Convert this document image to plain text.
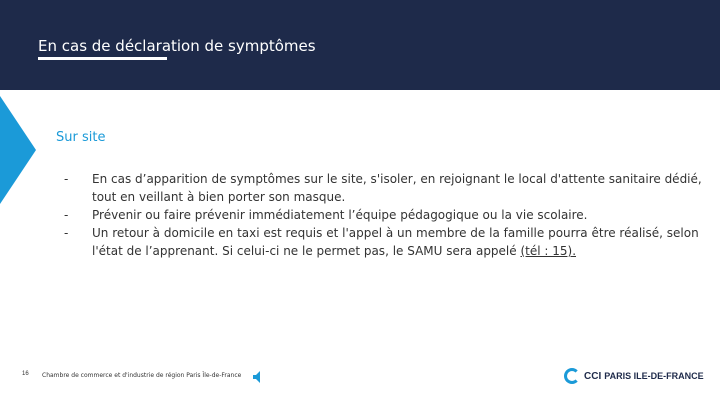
En cas de déclaration de symptômes
Sur site
-	En cas d’apparition de symptômes sur le site, s'isoler, en rejoignant le local d'attente sanitaire dédié, tout en veillant à bien porter son masque.
-	Prévenir ou faire prévenir immédiatement l’équipe pédagogique ou la vie scolaire.
-	Un retour à domicile en taxi est requis et l'appel à un membre de la famille pourra être réalisé, selon l'état de l’apprenant. Si celui-ci ne le permet pas, le SAMU sera appelé (tél : 15).
16 Chambre de commerce et d'industrie de région Paris Île-de-France	CCI PARIS ILE-DE-FRANCE
